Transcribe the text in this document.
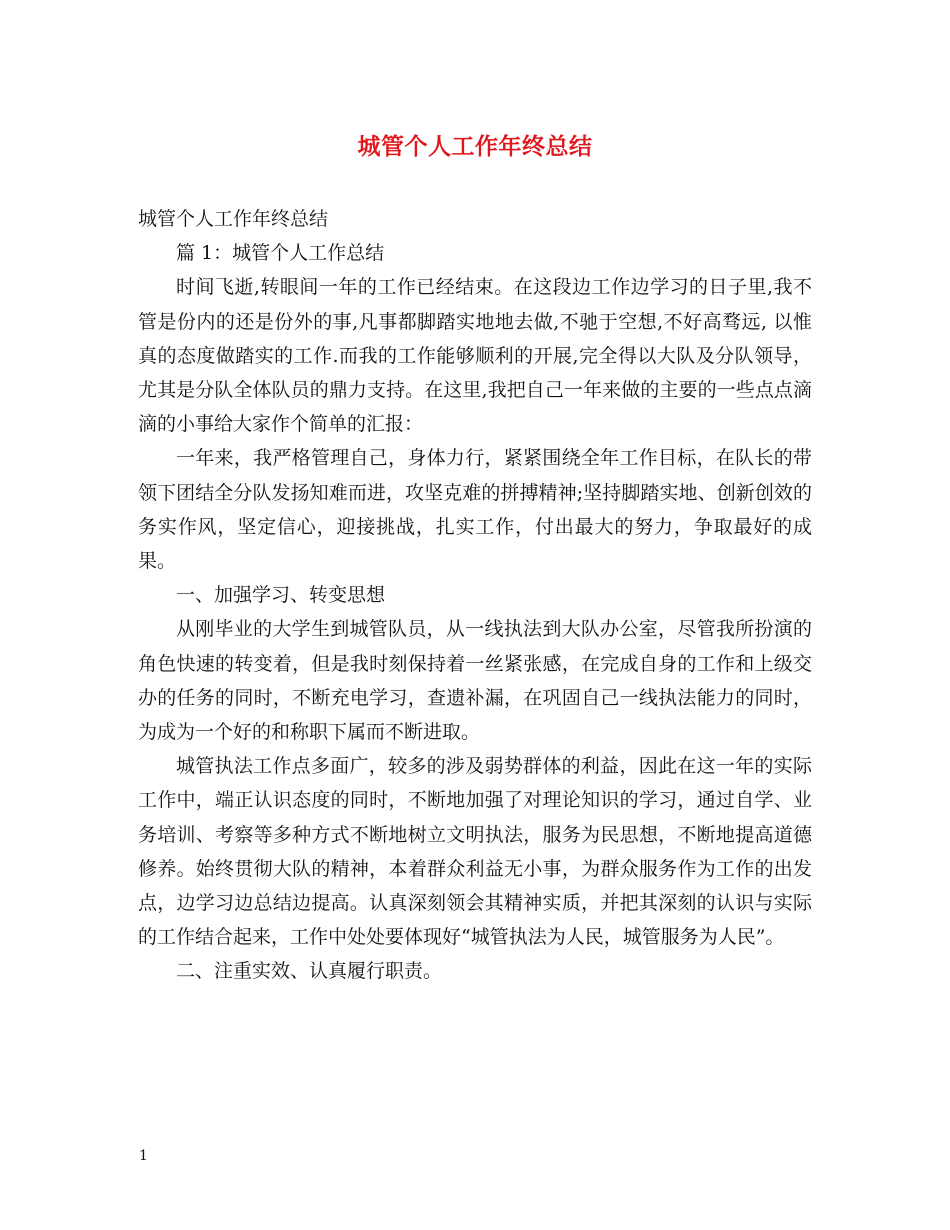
城管个人工作年终总结

城管个人工作年终总结

篇 1：城管个人工作总结

时间飞逝,转眼间一年的工作已经结束。在这段边工作边学习的日子里,我不管是份内的还是份外的事,凡事都脚踏实地地去做,不驰于空想,不好高骛远, 以惟真的态度做踏实的工作.而我的工作能够顺利的开展,完全得以大队及分队领导，尤其是分队全体队员的鼎力支持。在这里,我把自己一年来做的主要的一些点点滴滴的小事给大家作个简单的汇报：

一年来，我严格管理自己，身体力行，紧紧围绕全年工作目标，在队长的带领下团结全分队发扬知难而进，攻坚克难的拼搏精神;坚持脚踏实地、创新创效的务实作风，坚定信心，迎接挑战，扎实工作，付出最大的努力，争取最好的成果。

一、加强学习、转变思想

从刚毕业的大学生到城管队员，从一线执法到大队办公室，尽管我所扮演的角色快速的转变着，但是我时刻保持着一丝紧张感，在完成自身的工作和上级交办的任务的同时，不断充电学习，查遗补漏，在巩固自己一线执法能力的同时，为成为一个好的和称职下属而不断进取。

城管执法工作点多面广，较多的涉及弱势群体的利益，因此在这一年的实际工作中，端正认识态度的同时，不断地加强了对理论知识的学习，通过自学、业务培训、考察等多种方式不断地树立文明执法，服务为民思想，不断地提高道德修养。始终贯彻大队的精神，本着群众利益无小事，为群众服务作为工作的出发点，边学习边总结边提高。认真深刻领会其精神实质，并把其深刻的认识与实际的工作结合起来，工作中处处要体现好“城管执法为人民，城管服务为人民”。

二、注重实效、认真履行职责。

1
